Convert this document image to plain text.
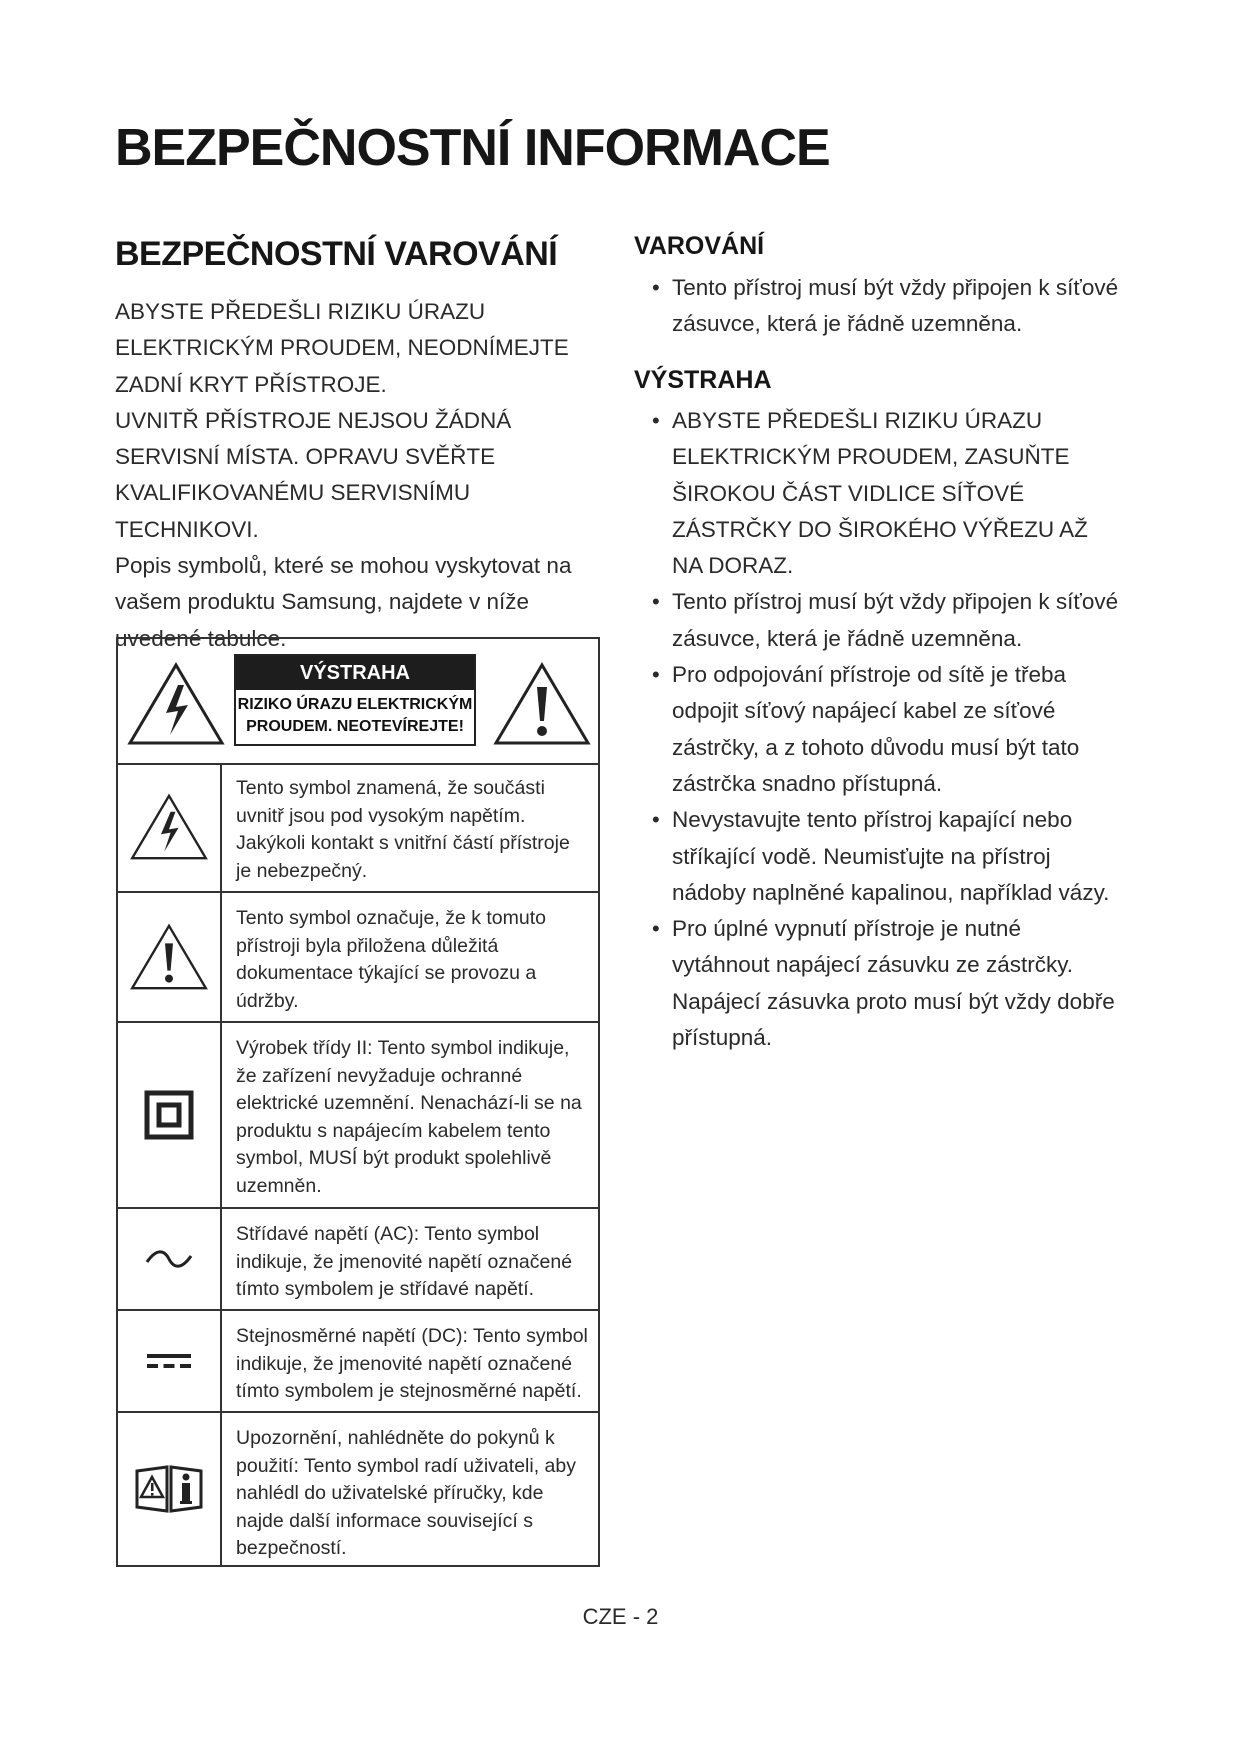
BEZPEČNOSTNÍ INFORMACE
BEZPEČNOSTNÍ VAROVÁNÍ

ABYSTE PŘEDEŠLI RIZIKU ÚRAZU ELEKTRICKÝM PROUDEM, NEODNÍMEJTE ZADNÍ KRYT PŘÍSTROJE.

UVNITŘ PŘÍSTROJE NEJSOU ŽÁDNÁ SERVISNÍ MÍSTA. OPRAVU SVĚŘTE KVALIFIKOVANÉMU SERVISNÍMU TECHNIKOVI.

Popis symbolů, které se mohou vyskytovat na vašem produktu Samsung, najdete v níže uvedené tabulce.

VÝSTRAHA
RIZIKO ÚRAZU ELEKTRICKÝM
PROUDEM. NEOTEVÍREJTE!
Tento symbol znamená, že součásti uvnitř jsou pod vysokým napětím. Jakýkoli kontakt s vnitřní částí přístroje je nebezpečný.
Tento symbol označuje, že k tomuto přístroji byla přiložena důležitá dokumentace týkající se provozu a údržby.
Výrobek třídy II: Tento symbol indikuje, že zařízení nevyžaduje ochranné elektrické uzemnění. Nenachází-li se na produktu s napájecím kabelem tento symbol, MUSÍ být produkt spolehlivě uzemněn.
Střídavé napětí (AC): Tento symbol indikuje, že jmenovité napětí označené tímto symbolem je střídavé napětí.
Stejnosměrné napětí (DC): Tento symbol indikuje, že jmenovité napětí označené tímto symbolem je stejnosměrné napětí.
Upozornění, nahlédněte do pokynů k použití: Tento symbol radí uživateli, aby nahlédl do uživatelské příručky, kde najde další informace související s bezpečností.
VAROVÁNÍ
• Tento přístroj musí být vždy připojen k síťové zásuvce, která je řádně uzemněna.
VÝSTRAHA
• ABYSTE PŘEDEŠLI RIZIKU ÚRAZU ELEKTRICKÝM PROUDEM, ZASUŇTE ŠIROKOU ČÁST VIDLICE SÍŤOVÉ ZÁSTRČKY DO ŠIROKÉHO VÝŘEZU AŽ NA DORAZ.
• Tento přístroj musí být vždy připojen k síťové zásuvce, která je řádně uzemněna.
• Pro odpojování přístroje od sítě je třeba odpojit síťový napájecí kabel ze síťové zástrčky, a z tohoto důvodu musí být tato zástrčka snadno přístupná.
• Nevystavujte tento přístroj kapající nebo stříkající vodě. Neumisťujte na přístroj nádoby naplněné kapalinou, například vázy.
• Pro úplné vypnutí přístroje je nutné vytáhnout napájecí zásuvku ze zástrčky. Napájecí zásuvka proto musí být vždy dobře přístupná.
CZE - 2
